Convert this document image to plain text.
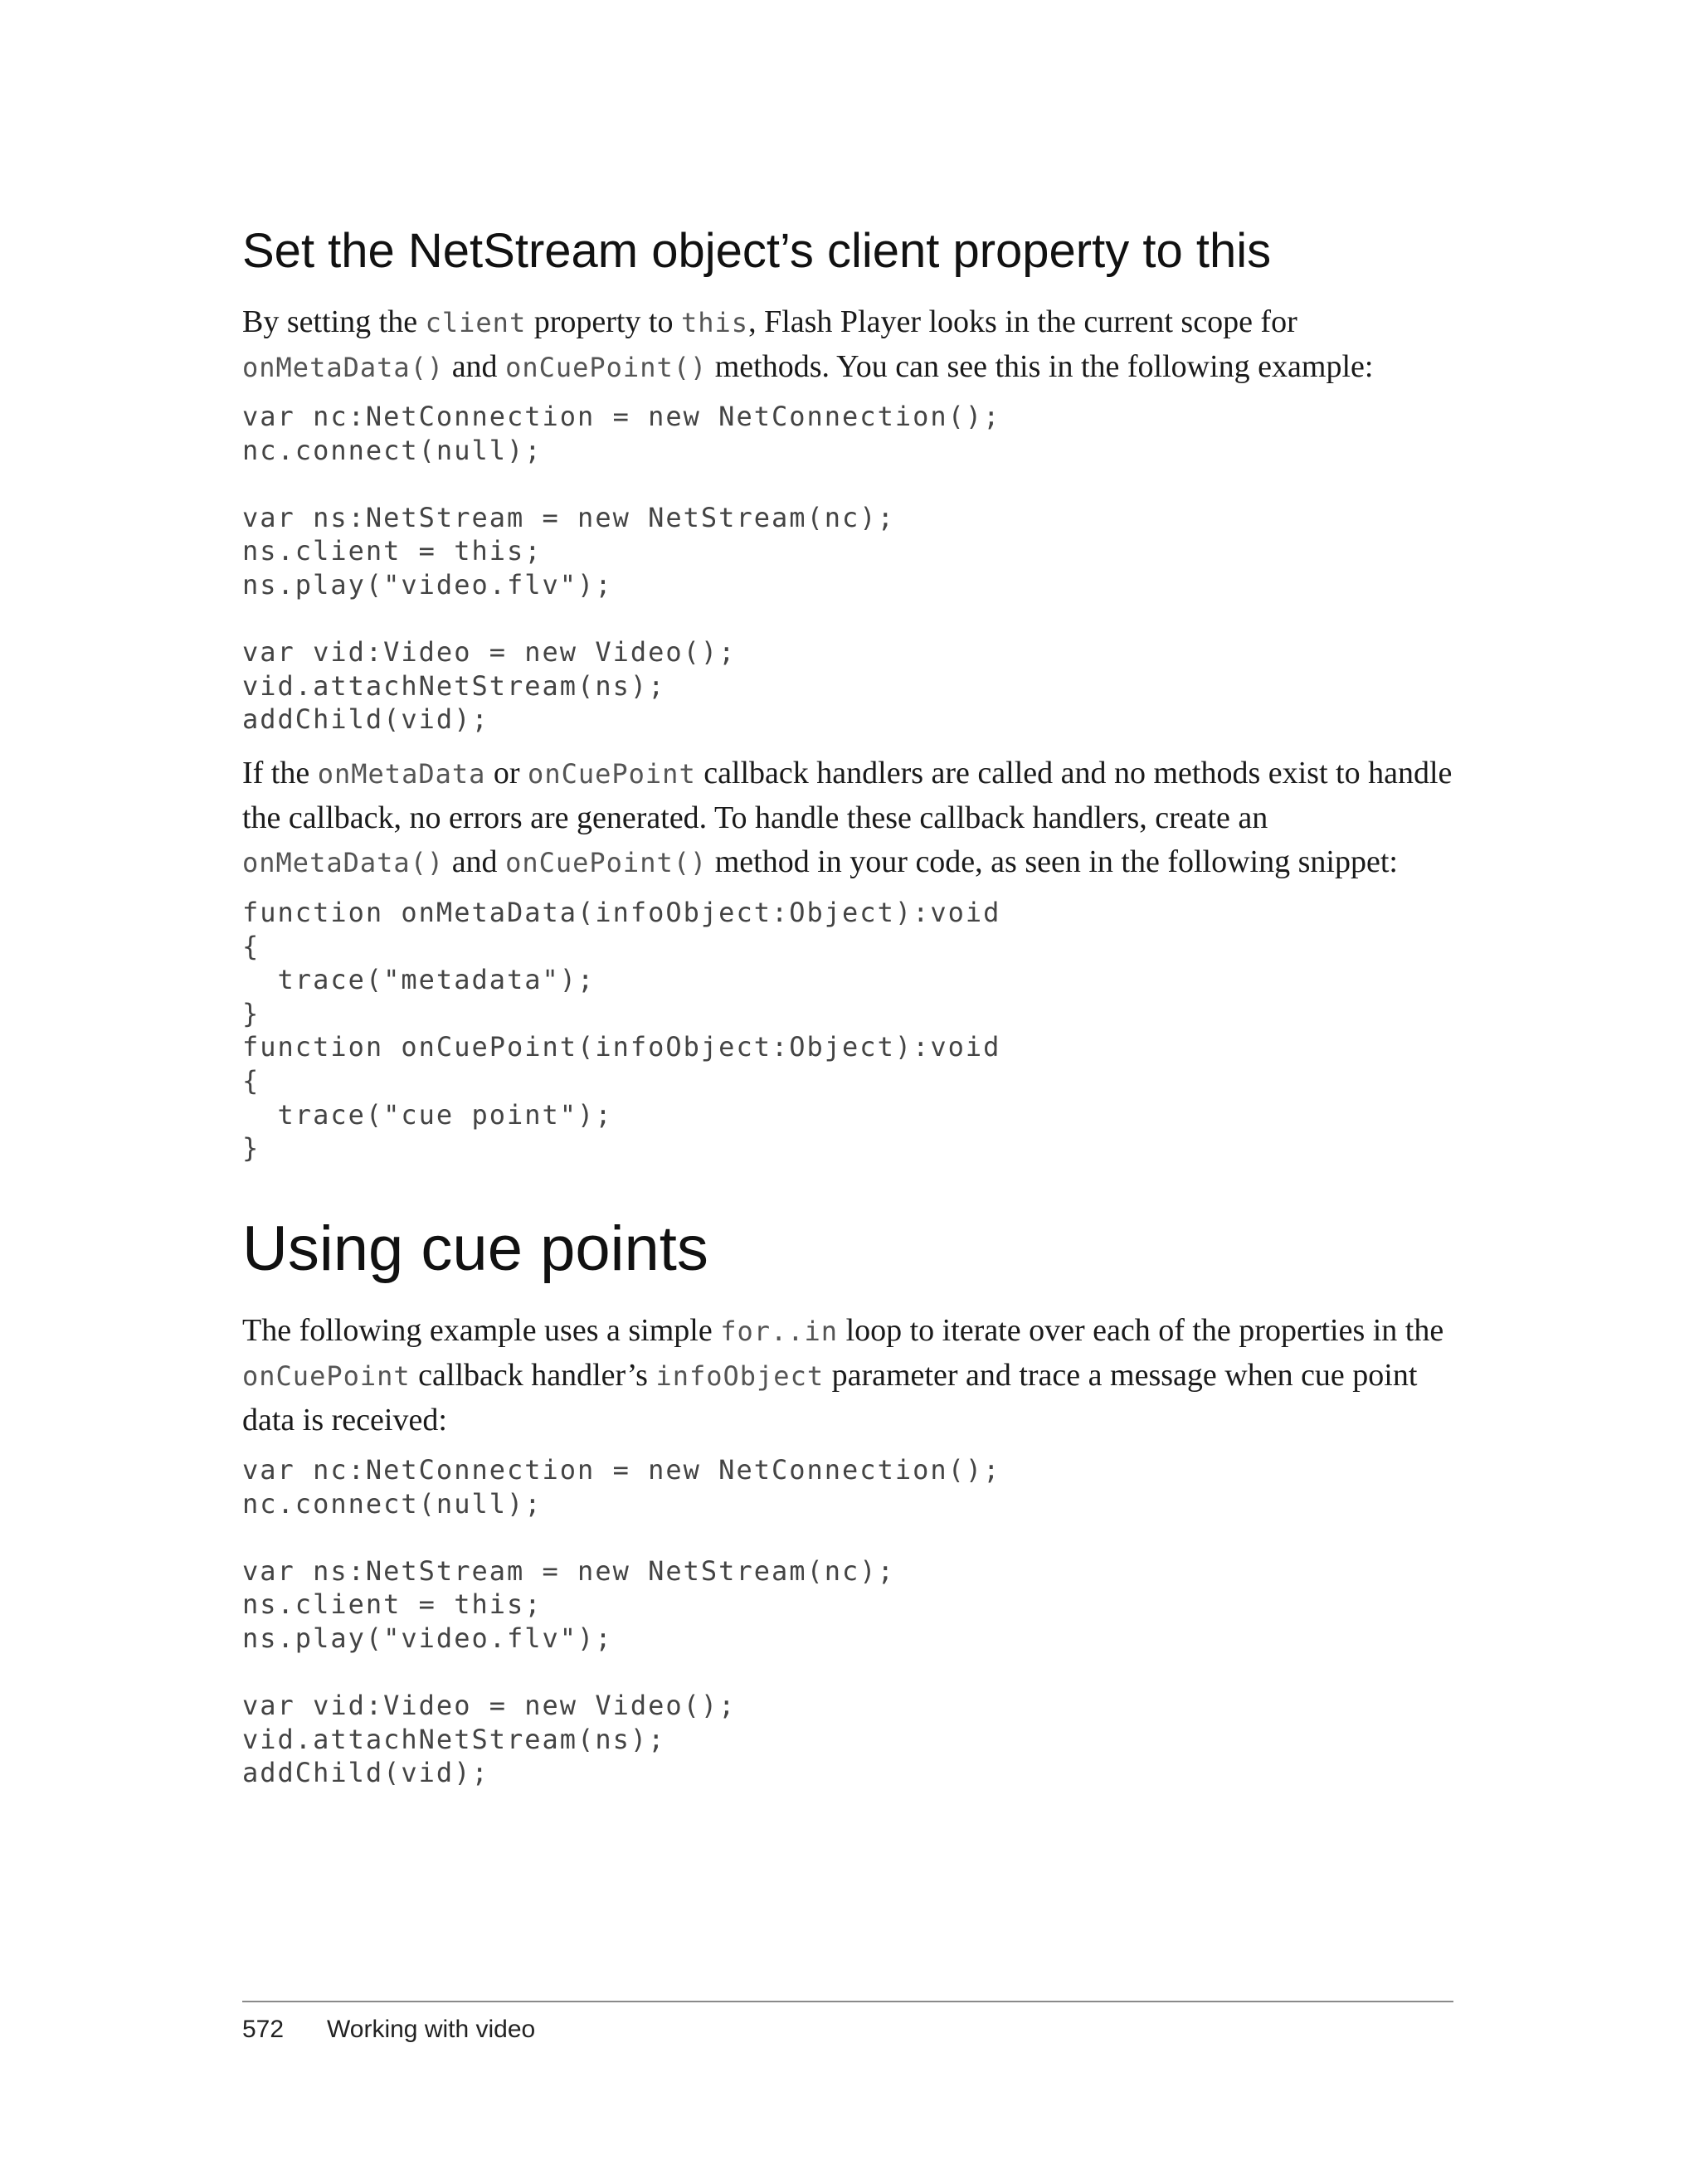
Set the NetStream object’s client property to this

By setting the client property to this, Flash Player looks in the current scope for onMetaData() and onCuePoint() methods. You can see this in the following example:

var nc:NetConnection = new NetConnection();
nc.connect(null);

var ns:NetStream = new NetStream(nc);
ns.client = this;
ns.play("video.flv");

var vid:Video = new Video();
vid.attachNetStream(ns);
addChild(vid);

If the onMetaData or onCuePoint callback handlers are called and no methods exist to handle the callback, no errors are generated. To handle these callback handlers, create an onMetaData() and onCuePoint() method in your code, as seen in the following snippet:

function onMetaData(infoObject:Object):void
{
trace("metadata");
}
function onCuePoint(infoObject:Object):void
{
trace("cue point");
}
Using cue points

The following example uses a simple for..in loop to iterate over each of the properties in the onCuePoint callback handler’s infoObject parameter and trace a message when cue point data is received:

var nc:NetConnection = new NetConnection();
nc.connect(null);

var ns:NetStream = new NetStream(nc);
ns.client = this;
ns.play("video.flv");

var vid:Video = new Video();
vid.attachNetStream(ns);
addChild(vid);
572 Working with video
